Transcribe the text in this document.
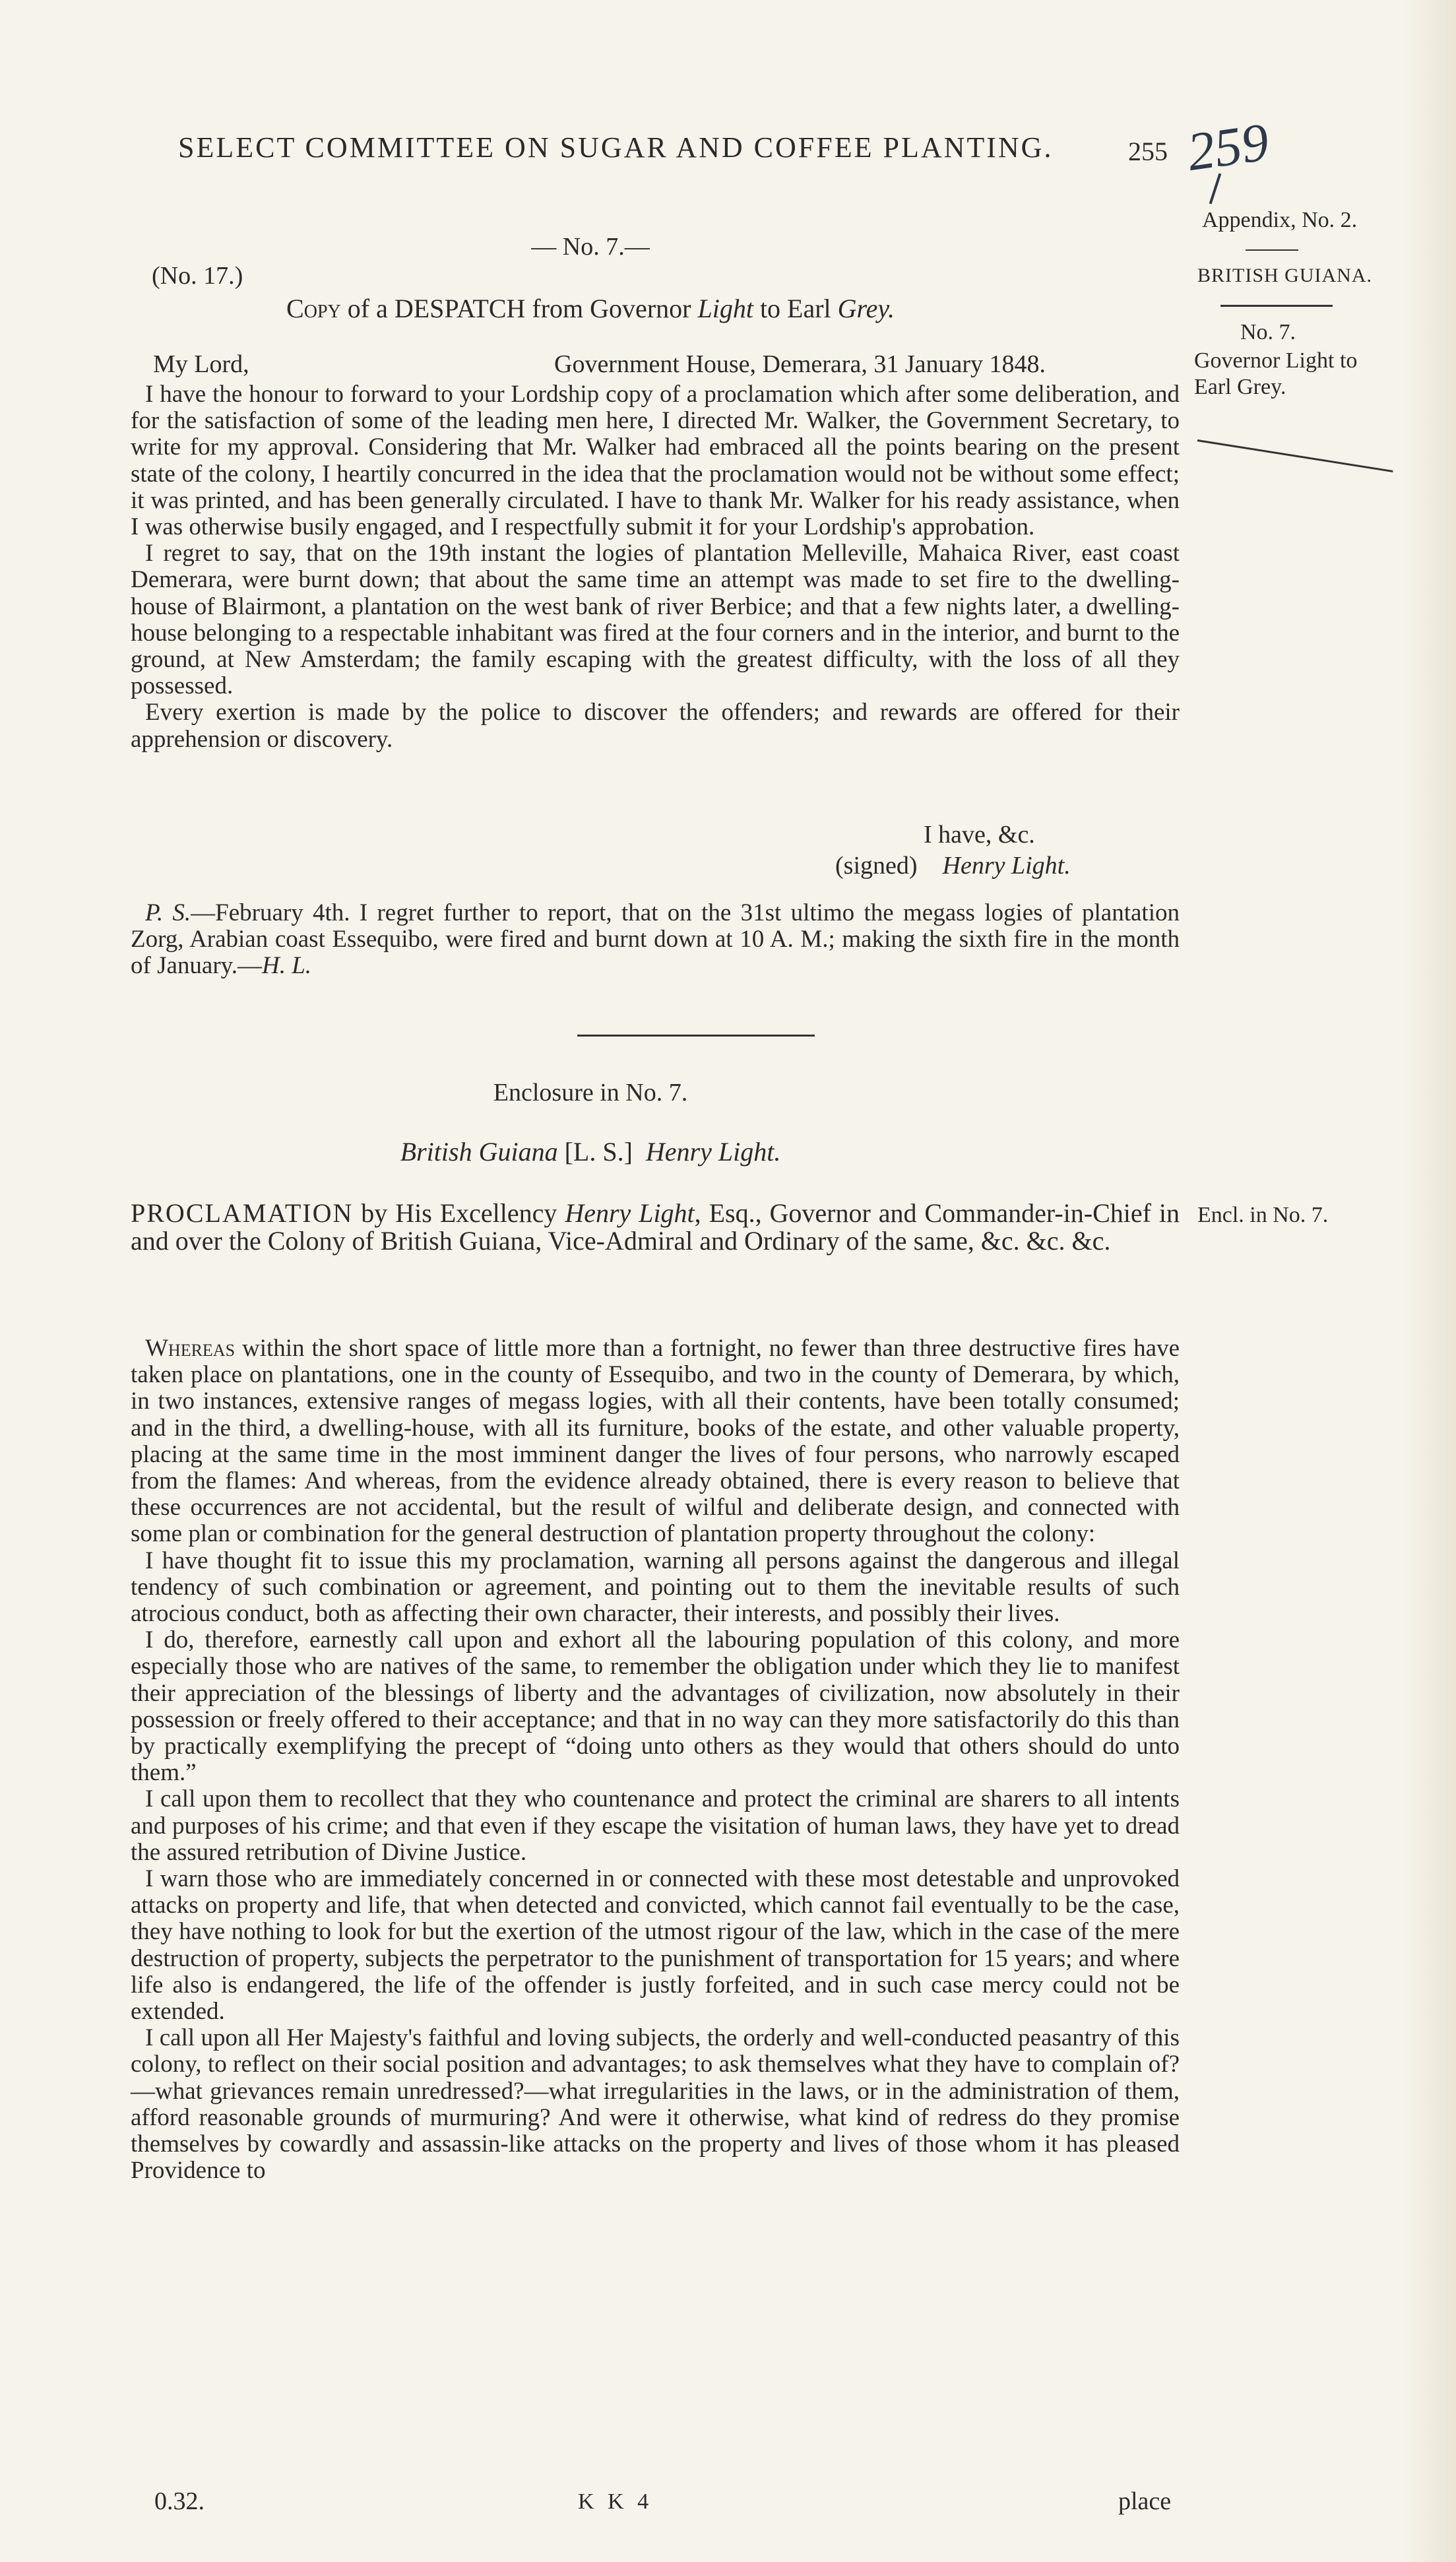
SELECT COMMITTEE ON SUGAR AND COFFEE PLANTING.	255 259
Appendix, No. 2.
BRITISH GUIANA.
No. 7.
Governor Light to
Earl Grey.
Encl. in No. 7.
— No. 7.—
(No. 17.)
Copy of a DESPATCH from Governor Light to Earl Grey.
My Lord,	Government House, Demerara, 31 January 1848.

I have the honour to forward to your Lordship copy of a proclamation which after some deliberation, and for the satisfaction of some of the leading men here, I directed Mr. Walker, the Government Secretary, to write for my approval. Considering that Mr. Walker had embraced all the points bearing on the present state of the colony, I heartily concurred in the idea that the proclamation would not be without some effect; it was printed, and has been generally circulated. I have to thank Mr. Walker for his ready assistance, when I was otherwise busily engaged, and I respectfully submit it for your Lordship's approbation.

I regret to say, that on the 19th instant the logies of plantation Melleville, Mahaica River, east coast Demerara, were burnt down; that about the same time an attempt was made to set fire to the dwelling-house of Blairmont, a plantation on the west bank of river Berbice; and that a few nights later, a dwelling-house belonging to a respectable inhabitant was fired at the four corners and in the interior, and burnt to the ground, at New Amsterdam; the family escaping with the greatest difficulty, with the loss of all they possessed.

Every exertion is made by the police to discover the offenders; and rewards are offered for their apprehension or discovery.

I have, &c.
(signed) Henry Light.

P. S.—February 4th. I regret further to report, that on the 31st ultimo the megass logies of plantation Zorg, Arabian coast Essequibo, were fired and burnt down at 10 A. M.; making the sixth fire in the month of January.—H. L.

Enclosure in No. 7.
British Guiana [L. S.] Henry Light.
PROCLAMATION by His Excellency Henry Light, Esq., Governor and Commander-in-Chief in and over the Colony of British Guiana, Vice-Admiral and Ordinary of the same, &c. &c. &c.

Whereas within the short space of little more than a fortnight, no fewer than three destructive fires have taken place on plantations, one in the county of Essequibo, and two in the county of Demerara, by which, in two instances, extensive ranges of megass logies, with all their contents, have been totally consumed; and in the third, a dwelling-house, with all its furniture, books of the estate, and other valuable property, placing at the same time in the most imminent danger the lives of four persons, who narrowly escaped from the flames: And whereas, from the evidence already obtained, there is every reason to believe that these occurrences are not accidental, but the result of wilful and deliberate design, and connected with some plan or combination for the general destruction of plantation property throughout the colony:

I have thought fit to issue this my proclamation, warning all persons against the dangerous and illegal tendency of such combination or agreement, and pointing out to them the inevitable results of such atrocious conduct, both as affecting their own character, their interests, and possibly their lives.

I do, therefore, earnestly call upon and exhort all the labouring population of this colony, and more especially those who are natives of the same, to remember the obligation under which they lie to manifest their appreciation of the blessings of liberty and the advantages of civilization, now absolutely in their possession or freely offered to their acceptance; and that in no way can they more satisfactorily do this than by practically exemplifying the precept of “doing unto others as they would that others should do unto them.”

I call upon them to recollect that they who countenance and protect the criminal are sharers to all intents and purposes of his crime; and that even if they escape the visitation of human laws, they have yet to dread the assured retribution of Divine Justice.

I warn those who are immediately concerned in or connected with these most detestable and unprovoked attacks on property and life, that when detected and convicted, which cannot fail eventually to be the case, they have nothing to look for but the exertion of the utmost rigour of the law, which in the case of the mere destruction of property, subjects the perpetrator to the punishment of transportation for 15 years; and where life also is endangered, the life of the offender is justly forfeited, and in such case mercy could not be extended.

I call upon all Her Majesty's faithful and loving subjects, the orderly and well-conducted peasantry of this colony, to reflect on their social position and advantages; to ask themselves what they have to complain of?—what grievances remain unredressed?—what irregularities in the laws, or in the administration of them, afford reasonable grounds of murmuring? And were it otherwise, what kind of redress do they promise themselves by cowardly and assassin-like attacks on the property and lives of those whom it has pleased Providence to

0.32.	K K 4	place
